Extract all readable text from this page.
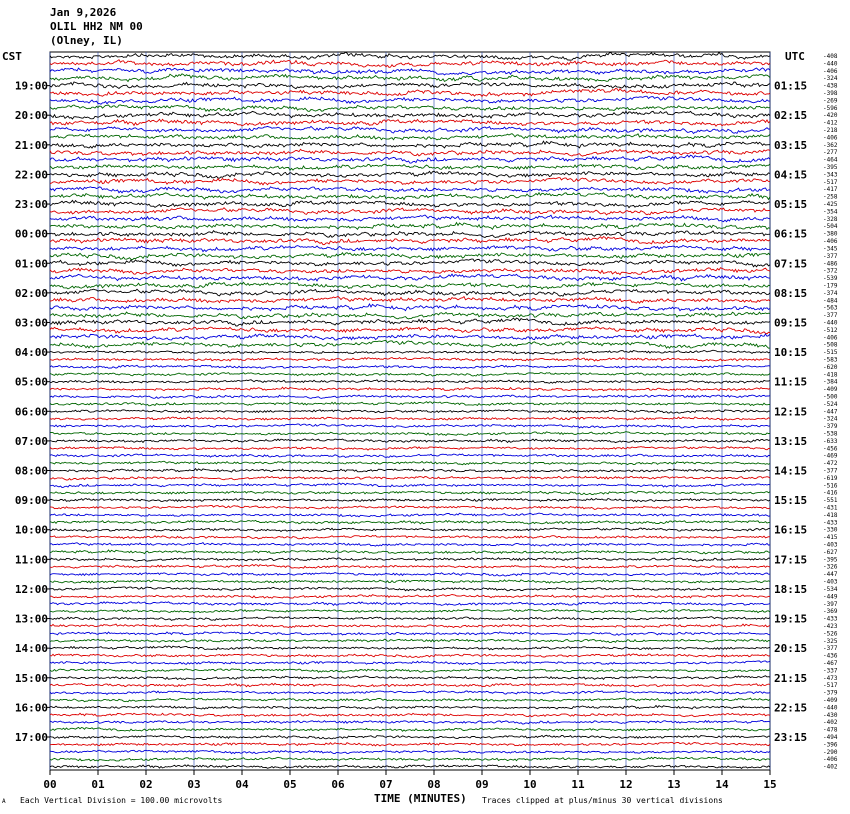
Jan 9,2026
OLIL HH2 NM 00
(Olney, IL)
CST	UTC
00	01	02	03	04	05	06	07	08	09	10	11	12	13	14	15
-408
-440
-406
-324
-438
-398
-269
-596
-420
-412
-218
-406
-362
-277
-464
-395
-343
-517
-417
-258
-425
-354
-328
-504
-380
-406
-345
-377
-486
-372
-539
-179
-374
-484
-563
-377
-440
-512
-406
-508
-515
-583
-620
-418
-384
-409
-500
-524
-447
-324
-379
-538
-633
-456
-469
-472
-377
-619
-516
-416
-551
-431
-418
-433
-330
-415
-403
-627
-395
-326
-447
-403
-534
-449
-397
-369
-433
-423
-526
-325
-377
-436
-467
-337
-473
-517
-379
-409
-440
-430
-402
-478
-494
-396
-290
-406
-402
19:00
20:00
21:00
22:00
23:00
00:00
01:00
02:00
03:00
04:00
05:00
06:00
07:00
08:00
09:00
10:00
11:00
12:00
13:00
14:00
15:00
16:00
17:00
01:15
02:15
03:15
04:15
05:15
06:15
07:15
08:15
09:15
10:15
11:15
12:15
13:15
14:15
15:15
16:15
17:15
18:15
19:15
20:15
21:15
22:15
23:15
TIME (MINUTES)
A Each Vertical Division = 100.00 microvolts	Traces clipped at plus/minus 30 vertical divisions
